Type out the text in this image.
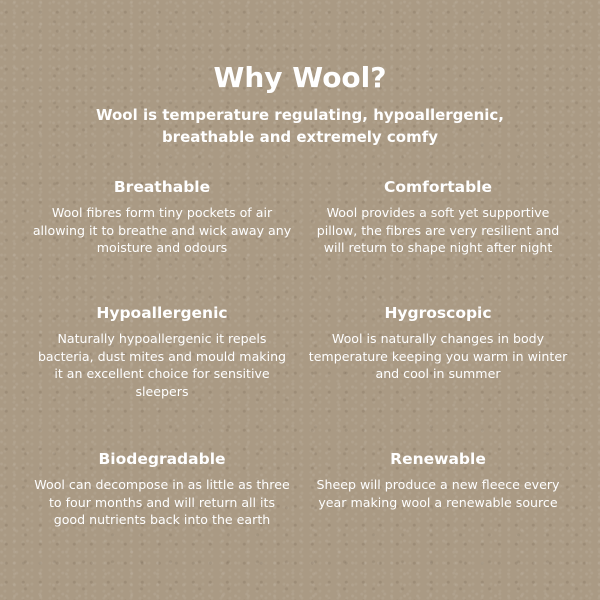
Why Wool?

Wool is temperature regulating, hypoallergenic, breathable and extremely comfy

Breathable

Wool fibres form tiny pockets of air allowing it to breathe and wick away any moisture and odours

Comfortable

Wool provides a soft yet supportive pillow, the fibres are very resilient and will return to shape night after night

Hypoallergenic

Naturally hypoallergenic it repels bacteria, dust mites and mould making it an excellent choice for sensitive sleepers

Hygroscopic

Wool is naturally changes in body temperature keeping you warm in winter and cool in summer

Biodegradable

Wool can decompose in as little as three to four months and will return all its good nutrients back into the earth

Renewable

Sheep will produce a new fleece every year making wool a renewable source
